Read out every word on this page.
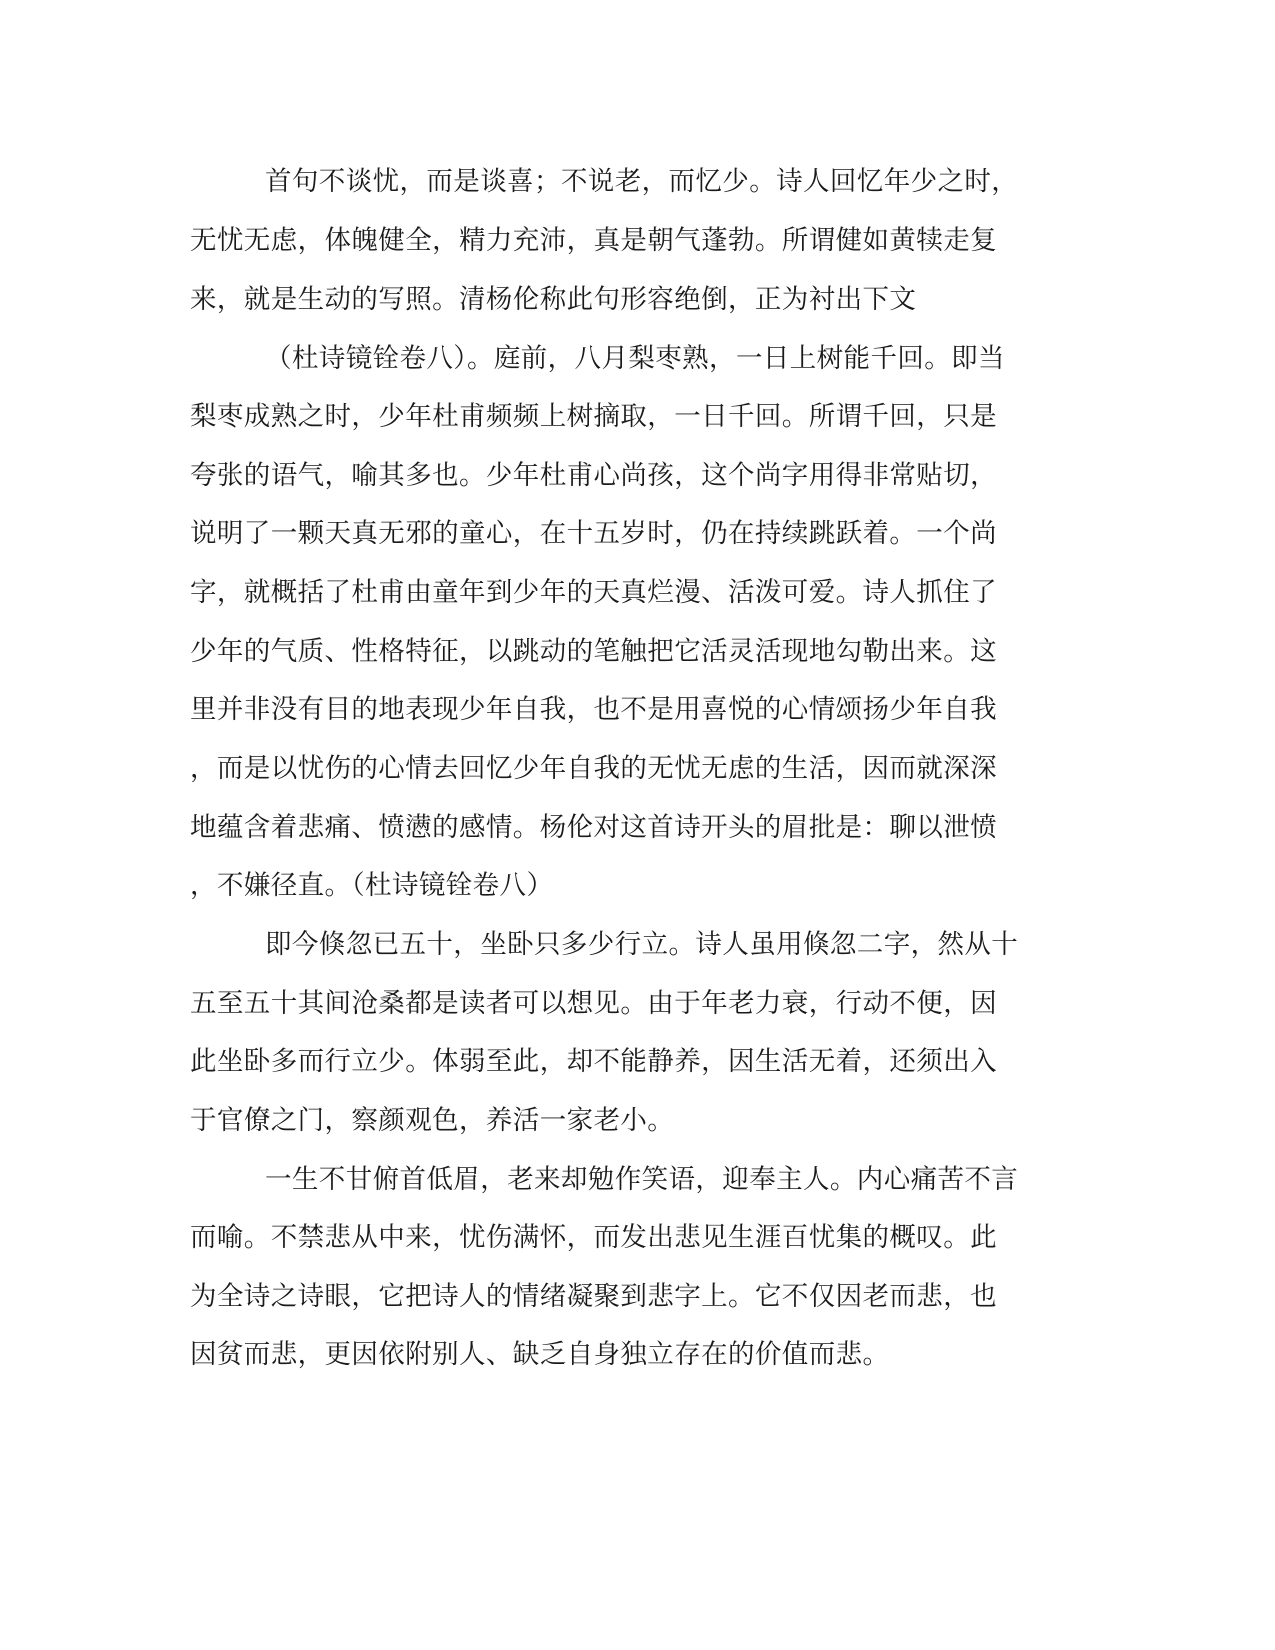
首句不谈忧，而是谈喜；不说老，而忆少。诗人回忆年少之时，
无忧无虑，体魄健全，精力充沛，真是朝气蓬勃。所谓健如黄犊走复
来，就是生动的写照。清杨伦称此句形容绝倒，正为衬出下文
（杜诗镜铨卷八）。庭前，八月梨枣熟，一日上树能千回。即当
梨枣成熟之时，少年杜甫频频上树摘取，一日千回。所谓千回，只是
夸张的语气，喻其多也。少年杜甫心尚孩，这个尚字用得非常贴切，
说明了一颗天真无邪的童心，在十五岁时，仍在持续跳跃着。一个尚
字，就概括了杜甫由童年到少年的天真烂漫、活泼可爱。诗人抓住了
少年的气质、性格特征，以跳动的笔触把它活灵活现地勾勒出来。这
里并非没有目的地表现少年自我，也不是用喜悦的心情颂扬少年自我
，而是以忧伤的心情去回忆少年自我的无忧无虑的生活，因而就深深
地蕴含着悲痛、愤懑的感情。杨伦对这首诗开头的眉批是：聊以泄愤
，不嫌径直。（杜诗镜铨卷八）
即今倏忽已五十，坐卧只多少行立。诗人虽用倏忽二字，然从十
五至五十其间沧桑都是读者可以想见。由于年老力衰，行动不便，因
此坐卧多而行立少。体弱至此，却不能静养，因生活无着，还须出入
于官僚之门，察颜观色，养活一家老小。
一生不甘俯首低眉，老来却勉作笑语，迎奉主人。内心痛苦不言
而喻。不禁悲从中来，忧伤满怀，而发出悲见生涯百忧集的概叹。此
为全诗之诗眼，它把诗人的情绪凝聚到悲字上。它不仅因老而悲，也
因贫而悲，更因依附别人、缺乏自身独立存在的价值而悲。
